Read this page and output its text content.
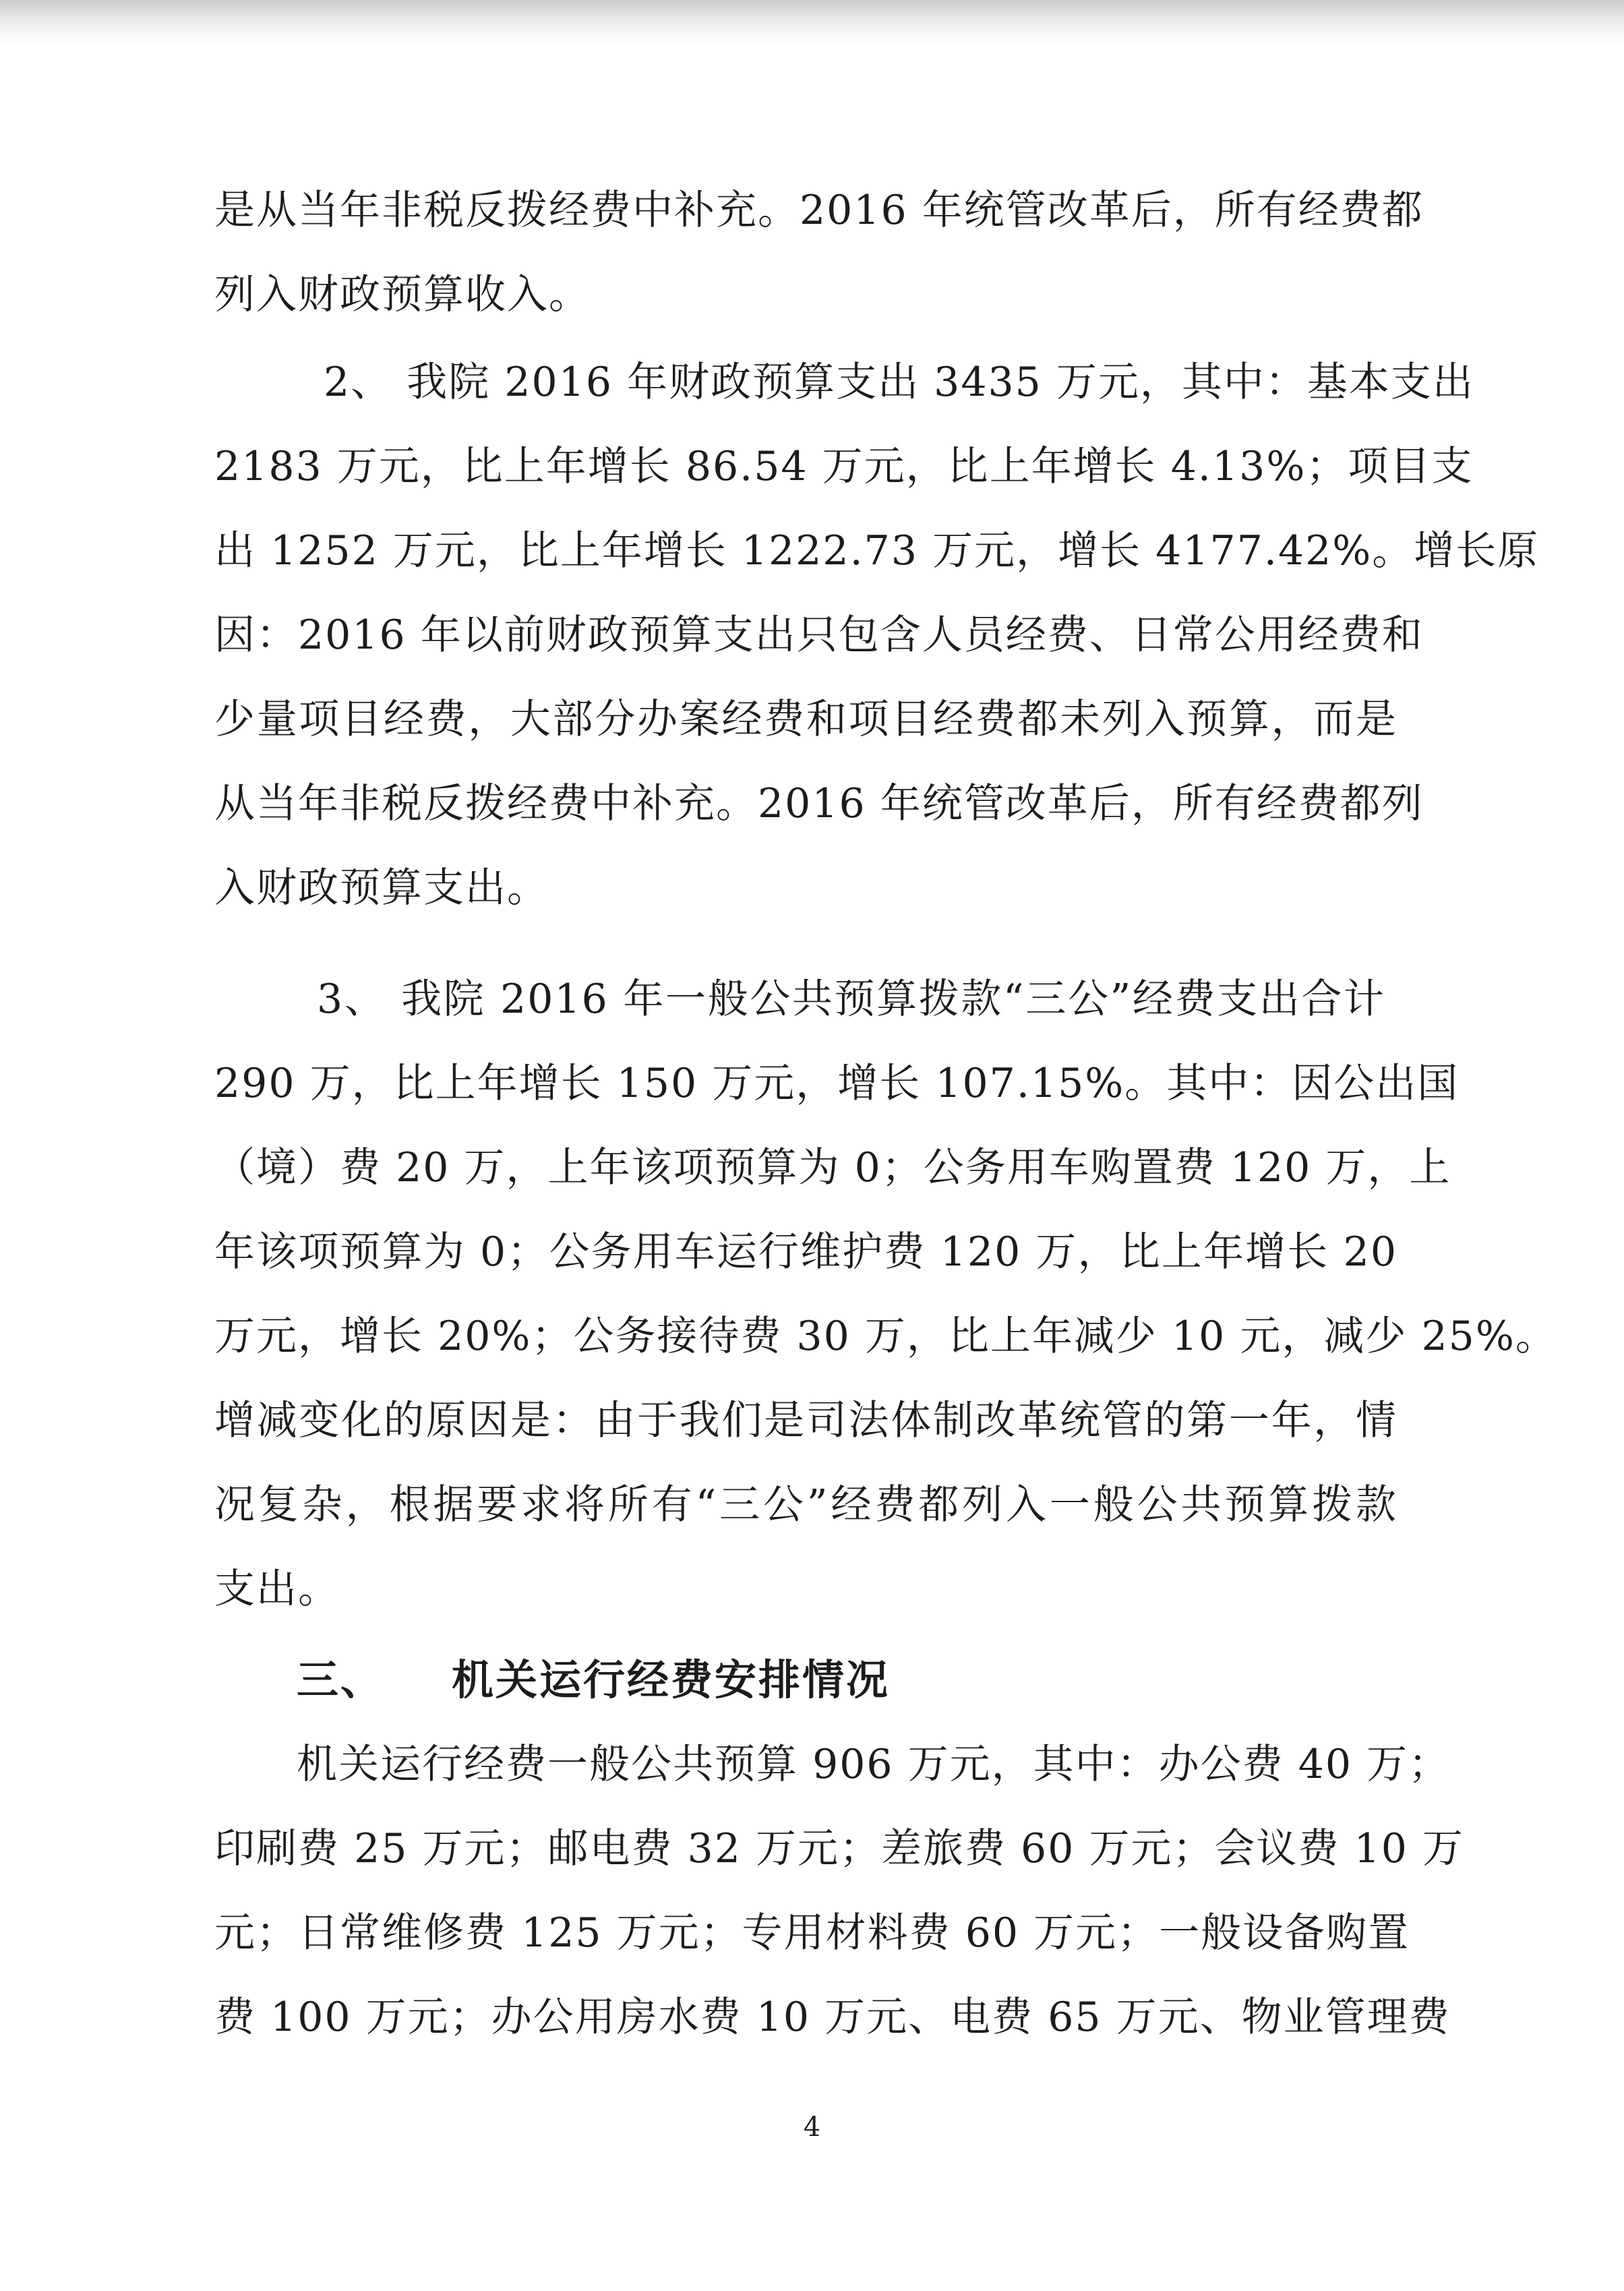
是从当年非税反拨经费中补充。2016 年统管改革后，所有经费都
列入财政预算收入。
2、 我院 2016 年财政预算支出 3435 万元，其中：基本支出
2183 万元，比上年增长 86.54 万元，比上年增长 4.13%；项目支
出 1252 万元，比上年增长 1222.73 万元，增长 4177.42%。增长原
因：2016 年以前财政预算支出只包含人员经费、日常公用经费和
少量项目经费，大部分办案经费和项目经费都未列入预算，而是
从当年非税反拨经费中补充。2016 年统管改革后，所有经费都列
入财政预算支出。
3、 我院 2016 年一般公共预算拨款“三公”经费支出合计
290 万，比上年增长 150 万元，增长 107.15%。其中：因公出国
（境）费 20 万，上年该项预算为 0；公务用车购置费 120 万，上
年该项预算为 0；公务用车运行维护费 120 万，比上年增长 20
万元，增长 20%；公务接待费 30 万，比上年减少 10 元，减少 25%。
增减变化的原因是：由于我们是司法体制改革统管的第一年，情
况复杂，根据要求将所有“三公”经费都列入一般公共预算拨款
支出。
三、 机关运行经费安排情况
机关运行经费一般公共预算 906 万元，其中：办公费 40 万；
印刷费 25 万元；邮电费 32 万元；差旅费 60 万元；会议费 10 万
元；日常维修费 125 万元；专用材料费 60 万元；一般设备购置
费 100 万元；办公用房水费 10 万元、电费 65 万元、物业管理费
4
